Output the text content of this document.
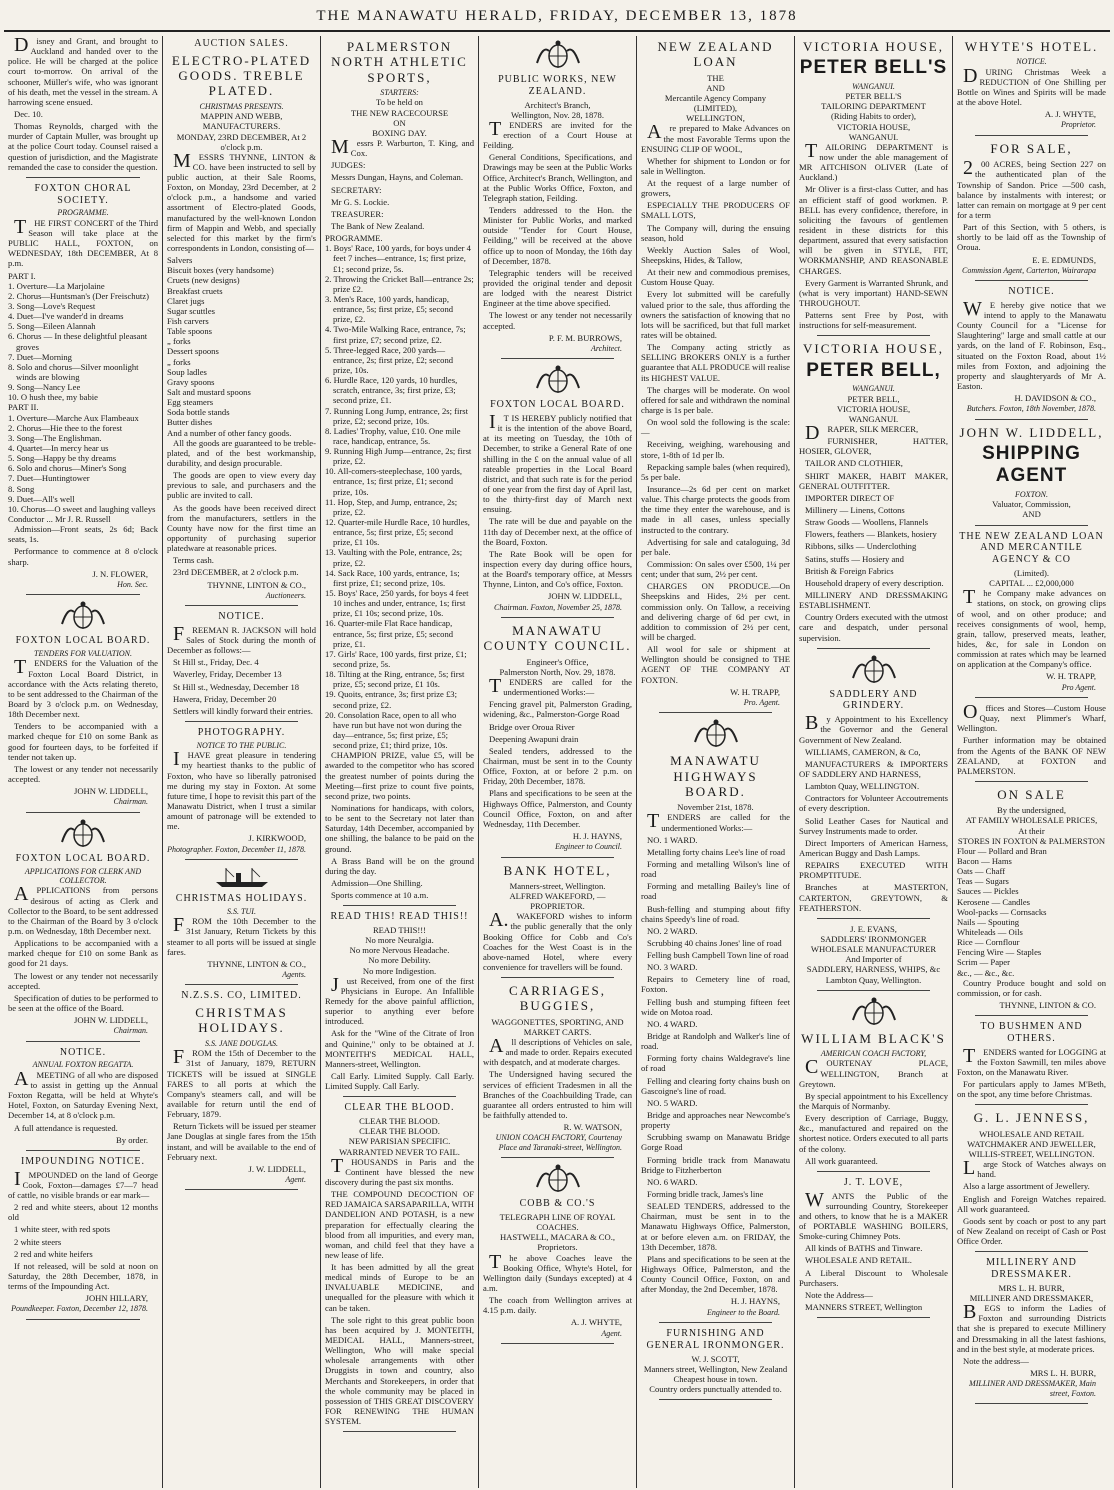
THE MANAWATU HERALD, FRIDAY, DECEMBER 13, 1878

Disney and Grant, and brought to Auckland and handed over to the police. He will be charged at the police court to-morrow. On arrival of the schooner, Müller's wife, who was ignorant of his death, met the vessel in the stream. A harrowing scene ensued.

Dec. 10.

Thomas Reynolds, charged with the murder of Captain Muller, was brought up at the police Court today. Counsel raised a question of jurisdiction, and the Magistrate remanded the case to consider the question.

FOXTON CHORAL SOCIETY.
PROGRAMME.

THE FIRST CONCERT of the Third Season will take place at the PUBLIC HALL, FOXTON, on WEDNESDAY, 18th DECEMBER, At 8 p.m.

PART I.
1. Overture—La Marjolaine
2. Chorus—Huntsman's (Der Freischutz)
3. Song—Love's Request
4. Duet—I've wander'd in dreams
5. Song—Eileen Alannah
6. Chorus — In these delightful pleasant groves
7. Duet—Morning
8. Solo and chorus—Silver moonlight winds are blowing
9. Song—Nancy Lee
10. O hush thee, my babie
PART II.
1. Overture—Marche Aux Flambeaux
2. Chorus—Hie thee to the forest
3. Song—The Englishman.
4. Quartet—In mercy hear us
5. Song—Happy be thy dreams
6. Solo and chorus—Miner's Song
7. Duet—Huntingtower
8. Song
9. Duet—All's well
10. Chorus—O sweet and laughing valleys
Conductor ... Mr J. R. Russell

Admission—Front seats, 2s 6d; Back seats, 1s.

Performance to commence at 8 o'clock sharp.

J. N. FLOWER,
Hon. Sec.
FOXTON LOCAL BOARD.
TENDERS FOR VALUATION.

TENDERS for the Valuation of the Foxton Local Board District, in accordance with the Acts relating thereto, to be sent addressed to the Chairman of the Board by 3 o'clock p.m. on Wednesday, 18th December next.

Tenders to be accompanied with a marked cheque for £10 on some Bank as good for fourteen days, to be forfeited if tender not taken up.

The lowest or any tender not necessarily accepted.

JOHN W. LIDDELL,
Chairman.
FOXTON LOCAL BOARD.
APPLICATIONS FOR CLERK AND COLLECTOR.

APPLICATIONS from persons desirous of acting as Clerk and Collector to the Board, to be sent addressed to the Chairman of the Board by 3 o'clock p.m. on Wednesday, 18th December next.

Applications to be accompanied with a marked cheque for £10 on some Bank as good for 21 days.

The lowest or any tender not necessarily accepted.

Specification of duties to be performed to be seen at the office of the Board.

JOHN W. LIDDELL,
Chairman.
NOTICE.
ANNUAL FOXTON REGATTA.

AMEETING of all who are disposed to assist in getting up the Annual Foxton Regatta, will be held at Whyte's Hotel, Foxton, on Saturday Evening Next, December 14, at 8 o'clock p.m.

A full attendance is requested.

By order.
IMPOUNDING NOTICE.

IMPOUNDED on the land of George Cook, Foxton—damages £7—7 head of cattle, no visible brands or ear mark—

2 red and white steers, about 12 months old

1 white steer, with red spots

2 white steers

2 red and white heifers

If not released, will be sold at noon on Saturday, the 28th December, 1878, in terms of the Impounding Act.

JOHN HILLARY,
Poundkeeper. Foxton, December 12, 1878.
AUCTION SALES.
ELECTRO-PLATED GOODS. TREBLE PLATED.
CHRISTMAS PRESENTS.
MAPPIN AND WEBB, MANUFACTURERS.
MONDAY, 23RD DECEMBER, At 2 o'clock p.m.

MESSRS THYNNE, LINTON & CO. have been instructed to sell by public auction, at their Sale Rooms, Foxton, on Monday, 23rd December, at 2 o'clock p.m., a handsome and varied assortment of Electro-plated Goods, manufactured by the well-known London firm of Mappin and Webb, and specially selected for this market by the firm's correspondents in London, consisting of—

Salvers
Biscuit boxes (very handsome)
Cruets (new designs)
Breakfast cruets
Claret jugs
Sugar scuttles
Fish carvers
Table spoons
„ forks
Dessert spoons
„ forks
Soup ladles
Gravy spoons
Salt and mustard spoons
Egg steamers
Soda bottle stands
Butter dishes
And a number of other fancy goods.

All the goods are guaranteed to be treble-plated, and of the best workmanship, durability, and design procurable.

The goods are open to view every day previous to sale, and purchasers and the public are invited to call.

As the goods have been received direct from the manufacturers, settlers in the County have now for the first time an opportunity of purchasing superior platedware at reasonable prices.

Terms cash.

23rd DECEMBER, at 2 o'clock p.m.

THYNNE, LINTON & CO.,
Auctioneers.
NOTICE.

FREEMAN R. JACKSON will hold Sales of Stock during the month of December as follows:—

St Hill st., Friday, Dec. 4

Waverley, Friday, December 13

St Hill st., Wednesday, December 18

Hawera, Friday, December 20

Settlers will kindly forward their entries.

PHOTOGRAPHY.
NOTICE TO THE PUBLIC.

IHAVE great pleasure in tendering my heartiest thanks to the public of Foxton, who have so liberally patronised me during my stay in Foxton. At some future time, I hope to revisit this part of the Manawatu District, when I trust a similar amount of patronage will be extended to me.

J. KIRKWOOD,
Photographer. Foxton, December 11, 1878.
CHRISTMAS HOLIDAYS.
S.S. TUI.

FROM the 10th December to the 31st January, Return Tickets by this steamer to all ports will be issued at single fares.

THYNNE, LINTON & CO.,
Agents.
N.Z.S.S. CO, LIMITED.
CHRISTMAS HOLIDAYS.
S.S. JANE DOUGLAS.

FROM the 15th of December to the 31st of January, 1879, RETURN TICKETS will be issued at SINGLE FARES to all ports at which the Company's steamers call, and will be available for return until the end of February, 1879.

Return Tickets will be issued per steamer Jane Douglas at single fares from the 15th instant, and will be available to the end of February next.

J. W. LIDDELL,
Agent.
PALMERSTON NORTH ATHLETIC SPORTS,
STARTERS:
To be held on
THE NEW RACECOURSE
ON
BOXING DAY.

Messrs P. Warburton, T. King, and Cox.

JUDGES:

Messrs Dungan, Hayns, and Coleman.

SECRETARY:

Mr G. S. Lockie.

TREASURER:

The Bank of New Zealand.

PROGRAMME.
1. Boys' Race, 100 yards, for boys under 4 feet 7 inches—entrance, 1s; first prize, £1; second prize, 5s.
2. Throwing the Cricket Ball—entrance 2s; prize £2.
3. Men's Race, 100 yards, handicap, entrance, 5s; first prize, £5; second prize, £2.
4. Two-Mile Walking Race, entrance, 7s; first prize, £7; second prize, £2.
5. Three-legged Race, 200 yards—entrance, 2s; first prize, £2; second prize, 10s.
6. Hurdle Race, 120 yards, 10 hurdles, scratch, entrance, 3s; first prize, £3; second prize, £1.
7. Running Long Jump, entrance, 2s; first prize, £2; second prize, 10s.
8. Ladies' Trophy, value, £10. One mile race, handicap, entrance, 5s.
9. Running High Jump—entrance, 2s; first prize, £2.
10. All-comers-steeplechase, 100 yards, entrance, 1s; first prize, £1; second prize, 10s.
11. Hop, Step, and Jump, entrance, 2s; prize, £2.
12. Quarter-mile Hurdle Race, 10 hurdles, entrance, 5s; first prize, £5; second prize, £1 10s.
13. Vaulting with the Pole, entrance, 2s; prize, £2.
14. Sack Race, 100 yards, entrance, 1s; first prize, £1; second prize, 10s.
15. Boys' Race, 250 yards, for boys 4 feet 10 inches and under, entrance, 1s; first prize, £1 10s; second prize, 10s.
16. Quarter-mile Flat Race handicap, entrance, 5s; first prize, £5; second prize, £1.
17. Girls' Race, 100 yards, first prize, £1; second prize, 5s.
18. Tilting at the Ring, entrance, 5s; first prize, £5; second prize, £1 10s.
19. Quoits, entrance, 3s; first prize £3; second prize, £2.
20. Consolation Race, open to all who have run but have not won during the day—entrance, 5s; first prize, £5; second prize, £1; third prize, 10s.

CHAMPION PRIZE, value £5, will be awarded to the competitor who has scored the greatest number of points during the Meeting—first prize to count five points, second prize, two points.

Nominations for handicaps, with colors, to be sent to the Secretary not later than Saturday, 14th December, accompanied by one shilling, the balance to be paid on the ground.

A Brass Band will be on the ground during the day.

Admission—One Shilling.

Sports commence at 10 a.m.

READ THIS! READ THIS!!
READ THIS!!!
No more Neuralgia.
No more Nervous Headache.
No more Debility.
No more Indigestion.

Just Received, from one of the first Physicians in Europe. An Infallible Remedy for the above painful affliction, superior to anything ever before introduced.

Ask for the "Wine of the Citrate of Iron and Quinine," only to be obtained at J. MONTEITH'S MEDICAL HALL, Manners-street, Wellington.

Call Early. Limited Supply. Call Early. Limited Supply. Call Early.

CLEAR THE BLOOD.
CLEAR THE BLOOD.
CLEAR THE BLOOD.
NEW PARISIAN SPECIFIC.
WARRANTED NEVER TO FAIL.

THOUSANDS in Paris and the Continent have blessed the new discovery during the past six months.

THE COMPOUND DECOCTION OF RED JAMAICA SARSAPARILLA, WITH DANDELION AND POTASH, is a new preparation for effectually clearing the blood from all impurities, and every man, woman, and child feel that they have a new lease of life.

It has been admitted by all the great medical minds of Europe to be an INVALUABLE MEDICINE, and unequalled for the pleasure with which it can be taken.

The sole right to this great public boon has been acquired by J. MONTEITH, MEDICAL HALL, Manners-street, Wellington, Who will make special wholesale arrangements with other Druggists in town and country, also Merchants and Storekeepers, in order that the whole community may be placed in possession of THIS GREAT DISCOVERY FOR RENEWING THE HUMAN SYSTEM.

PUBLIC WORKS, NEW ZEALAND.
Architect's Branch,
Wellington, Nov. 28, 1878.

TENDERS are invited for the erection of a Court House at Feilding.

General Conditions, Specifications, and Drawings may be seen at the Public Works Office, Architect's Branch, Wellington, and at the Public Works Office, Foxton, and Telegraph station, Feilding.

Tenders addressed to the Hon. the Minister for Public Works, and marked outside "Tender for Court House, Feilding," will be received at the above office up to noon of Monday, the 16th day of December, 1878.

Telegraphic tenders will be received provided the original tender and deposit are lodged with the nearest District Engineer at the time above specified.

The lowest or any tender not necessarily accepted.

P. F. M. BURROWS,
Architect.
FOXTON LOCAL BOARD.

IT IS HEREBY publicly notified that it is the intention of the above Board, at its meeting on Tuesday, the 10th of December, to strike a General Rate of one shilling in the £ on the annual value of all rateable properties in the Local Board district, and that such rate is for the period of one year from the first day of April last, to the thirty-first day of March next ensuing.

The rate will be due and payable on the 11th day of December next, at the office of the Board, Foxton.

The Rate Book will be open for inspection every day during office hours, at the Board's temporary office, at Messrs Thynne, Linton, and Co's office, Foxton.

JOHN W. LIDDELL,
Chairman. Foxton, November 25, 1878.
MANAWATU COUNTY COUNCIL.
Engineer's Office,
Palmerston North, Nov. 29, 1878.

TENDERS are called for the undermentioned Works:—

Fencing gravel pit, Palmerston Grading, widening, &c., Palmerston-Gorge Road

Bridge over Oroua River

Deepening Awapuni drain

Sealed tenders, addressed to the Chairman, must be sent in to the County Office, Foxton, at or before 2 p.m. on Friday, 20th December, 1878.

Plans and specifications to be seen at the Highways Office, Palmerston, and County Council Office, Foxton, on and after Wednesday, 11th December.

H. J. HAYNS,
Engineer to Council.
BANK HOTEL,
Manners-street, Wellington.
ALFRED WAKEFORD, — PROPRIETOR.

A.WAKEFORD wishes to inform the public generally that the only Booking Office for Cobb and Co's Coaches for the West Coast is in the above-named Hotel, where every convenience for travellers will be found.

CARRIAGES, BUGGIES,
WAGGONETTES, SPORTING, AND MARKET CARTS.

All descriptions of Vehicles on sale, and made to order. Repairs executed with despatch, and at moderate charges.

The Undersigned having secured the services of efficient Tradesmen in all the Branches of the Coachbuilding Trade, can guarantee all orders entrusted to him will be faithfully attended to.

R. W. WATSON,
UNION COACH FACTORY, Courtenay Place and Taranaki-street, Wellington.
COBB & CO.'S
TELEGRAPH LINE OF ROYAL COACHES.
HASTWELL, MACARA & CO., Proprietors.

The above Coaches leave the Booking Office, Whyte's Hotel, for Wellington daily (Sundays excepted) at 4 a.m.

The coach from Wellington arrives at 4.15 p.m. daily.

A. J. WHYTE,
Agent.
NEW ZEALAND LOAN
THE
AND
Mercantile Agency Company
(LIMITED),
WELLINGTON,

Are prepared to Make Advances on the most Favorable Terms upon the ENSUING CLIP OF WOOL,

Whether for shipment to London or for sale in Wellington.

At the request of a large number of growers,

ESPECIALLY THE PRODUCERS OF SMALL LOTS,

The Company will, during the ensuing season, hold

Weekly Auction Sales of Wool, Sheepskins, Hides, & Tallow,

At their new and commodious premises, Custom House Quay.

Every lot submitted will be carefully valued prior to the sale, thus affording the owners the satisfaction of knowing that no lots will be sacrificed, but that full market rates will be obtained.

The Company acting strictly as SELLING BROKERS ONLY is a further guarantee that ALL PRODUCE will realise its HIGHEST VALUE.

The charges will be moderate. On wool offered for sale and withdrawn the nominal charge is 1s per bale.

On wool sold the following is the scale:—

Receiving, weighing, warehousing and store, 1-8th of 1d per lb.

Repacking sample bales (when required), 5s per bale.

Insurance—2s 6d per cent on market value. This charge protects the goods from the time they enter the warehouse, and is made in all cases, unless specially instructed to the contrary.

Advertising for sale and cataloguing, 3d per bale.

Commission: On sales over £500, 1¼ per cent; under that sum, 2½ per cent.

CHARGES ON PRODUCE.—On Sheepskins and Hides, 2½ per cent. commission only. On Tallow, a receiving and delivering charge of 6d per cwt, in addition to commission of 2½ per cent, will be charged.

All wool for sale or shipment at Wellington should be consigned to THE AGENT OF THE COMPANY AT FOXTON.

W. H. TRAPP,
Pro. Agent.
MANAWATU HIGHWAYS BOARD.
November 21st, 1878.

TENDERS are called for the undermentioned Works:—

NO. 1 WARD.

Metalling forty chains Lee's line of road

Forming and metalling Wilson's line of road

Forming and metalling Bailey's line of road

Bush-felling and stumping about fifty chains Speedy's line of road.

NO. 2 WARD.

Scrubbing 40 chains Jones' line of road

Felling bush Campbell Town line of road

NO. 3 WARD.

Repairs to Cemetery line of road, Foxton.

Felling bush and stumping fifteen feet wide on Motoa road.

NO. 4 WARD.

Bridge at Randolph and Walker's line of road.

Forming forty chains Waldegrave's line of road

Felling and clearing forty chains bush on Gascoigne's line of road.

NO. 5 WARD.

Bridge and approaches near Newcombe's property

Scrubbing swamp on Manawatu Bridge Gorge Road

Forming bridle track from Manawatu Bridge to Fitzherberton

NO. 6 WARD.

Forming bridle track, James's line

SEALED TENDERS, addressed to the Chairman, must be sent in to the Manawatu Highways Office, Palmerston, at or before eleven a.m. on FRIDAY, the 13th December, 1878.

Plans and specifications to be seen at the Highways Office, Palmerston, and the County Council Office, Foxton, on and after Monday, the 2nd December, 1878.

H. J. HAYNS,
Engineer to the Board.
FURNISHING AND GENERAL IRONMONGER.
W. J. SCOTT,
Manners street, Wellington, New Zealand
Cheapest house in town.
Country orders punctually attended to.
VICTORIA HOUSE,
PETER BELL'S
WANGANUI.
PETER BELL'S
TAILORING DEPARTMENT
(Riding Habits to order),
VICTORIA HOUSE,
WANGANUI.

TAILORING DEPARTMENT is now under the able management of MR AITCHISON OLIVER (Late of Auckland.)

Mr Oliver is a first-class Cutter, and has an efficient staff of good workmen. P. BELL has every confidence, therefore, in soliciting the favours of gentlemen resident in these districts for this department, assured that every satisfaction will be given in STYLE, FIT, WORKMANSHIP, AND REASONABLE CHARGES.

Every Garment is Warranted Shrunk, and (what is very important) HAND-SEWN THROUGHOUT.

Patterns sent Free by Post, with instructions for self-measurement.

VICTORIA HOUSE,
PETER BELL,
WANGANUI.
PETER BELL,
VICTORIA HOUSE,
WANGANUI.

DRAPER, SILK MERCER,

FURNISHER, HATTER, HOSIER, GLOVER,

TAILOR AND CLOTHIER,

SHIRT MAKER, HABIT MAKER, GENERAL OUTFITTER.

IMPORTER DIRECT OF

Millinery — Linens, Cottons

Straw Goods — Woollens, Flannels

Flowers, feathers — Blankets, hosiery

Ribbons, silks — Underclothing

Satins, stuffs — Hosiery and

British & Foreign Fabrics

Household drapery of every description.

MILLINERY AND DRESSMAKING ESTABLISHMENT.

Country Orders executed with the utmost care and despatch, under personal supervision.

SADDLERY AND GRINDERY.

By Appointment to his Excellency the Governor and the General Government of New Zealand.

WILLIAMS, CAMERON, & Co,

MANUFACTURERS & IMPORTERS OF SADDLERY AND HARNESS,

Lambton Quay, WELLINGTON.

Contractors for Volunteer Accoutrements of every description.

Solid Leather Cases for Nautical and Survey Instruments made to order.

Direct Importers of American Harness, American Buggy and Dash Lamps.

REPAIRS EXECUTED WITH PROMPTITUDE.

Branches at MASTERTON, CARTERTON, GREYTOWN, & FEATHERSTON.

J. E. EVANS,
SADDLERS' IRONMONGER
WHOLESALE MANUFACTURER
And Importer of
SADDLERY, HARNESS, WHIPS, &c
Lambton Quay, Wellington.
WILLIAM BLACK'S
AMERICAN COACH FACTORY,

COURTENAY PLACE, WELLINGTON, Branch at Greytown.

By special appointment to his Excellency the Marquis of Normanby.

Every description of Carriage, Buggy, &c., manufactured and repaired on the shortest notice. Orders executed to all parts of the colony.

All work guaranteed.

J. T. LOVE,

WANTS the Public of the surrounding Country, Storekeeper and others, to know that he is a MAKER of PORTABLE WASHING BOILERS, Smoke-curing Chimney Pots.

All kinds of BATHS and Tinware.

WHOLESALE AND RETAIL.

A Liberal Discount to Wholesale Purchasers.

Note the Address—

MANNERS STREET, Wellington

WHYTE'S HOTEL.
NOTICE.

DURING Christmas Week a REDUCTION of One Shilling per Bottle on Wines and Spirits will be made at the above Hotel.

A. J. WHYTE,
Proprietor.
FOR SALE,

200 ACRES, being Section 227 on the authenticated plan of the Township of Sandon. Price —500 cash, balance by instalments with interest; or latter can remain on mortgage at 9 per cent for a term

Part of this Section, with 5 others, is shortly to be laid off as the Township of Oroua.

E. E. EDMUNDS,
Commission Agent, Carterton, Wairarapa
NOTICE.

WE hereby give notice that we intend to apply to the Manawatu County Council for a "License for Slaughtering" large and small cattle at our yards, on the land of F. Robinson, Esq., situated on the Foxton Road, about 1½ miles from Foxton, and adjoining the property and slaughteryards of Mr A. Easton.

H. DAVIDSON & CO.,
Butchers. Foxton, 18th November, 1878.
JOHN W. LIDDELL,
SHIPPING AGENT
FOXTON.
Valuator, Commission,
AND
THE NEW ZEALAND LOAN AND MERCANTILE AGENCY & CO
(Limited).
CAPITAL ... £2,000,000

The Company make advances on stations, on stock, on growing clips of wool, and on other produce; and receives consignments of wool, hemp, grain, tallow, preserved meats, leather, hides, &c, for sale in London on commission at rates which may be learned on application at the Company's office.

W. H. TRAPP,
Pro Agent.

Offices and Stores—Custom House Quay, next Plimmer's Wharf, Wellington.

Further information may be obtained from the Agents of the BANK OF NEW ZEALAND, at FOXTON and PALMERSTON.

ON SALE
By the undersigned,
AT FAMILY WHOLESALE PRICES,
At their
STORES IN FOXTON & PALMERSTON
Flour — Pollard and Bran
Bacon — Hams
Oats — Chaff
Teas — Sugars
Sauces — Pickles
Kerosene — Candles
Wool-packs — Cornsacks
Nails — Spouting
Whiteleads — Oils
Rice — Cornflour
Fencing Wire — Staples
Scrim — Paper
&c., — &c., &c.

Country Produce bought and sold on commission, or for cash.

THYNNE, LINTON & CO.
TO BUSHMEN AND OTHERS.

TENDERS wanted for LOGGING at the Foxton Sawmill, ten miles above Foxton, on the Manawatu River.

For particulars apply to James M'Beth, on the spot, any time before Christmas.

G. L. JENNESS,
WHOLESALE AND RETAIL
WATCHMAKER AND JEWELLER,
WILLIS-STREET, WELLINGTON.

Large Stock of Watches always on hand.

Also a large assortment of Jewellery.

English and Foreign Watches repaired. All work guaranteed.

Goods sent by coach or post to any part of New Zealand on receipt of Cash or Post Office Order.

MILLINERY AND DRESSMAKER.
MRS L. H. BURR,
MILLINER AND DRESSMAKER,

BEGS to inform the Ladies of Foxton and surrounding Districts that she is prepared to execute Millinery and Dressmaking in all the latest fashions, and in the best style, at moderate prices.

Note the address—

MRS L. H. BURR,
MILLINER AND DRESSMAKER, Main street, Foxton.
